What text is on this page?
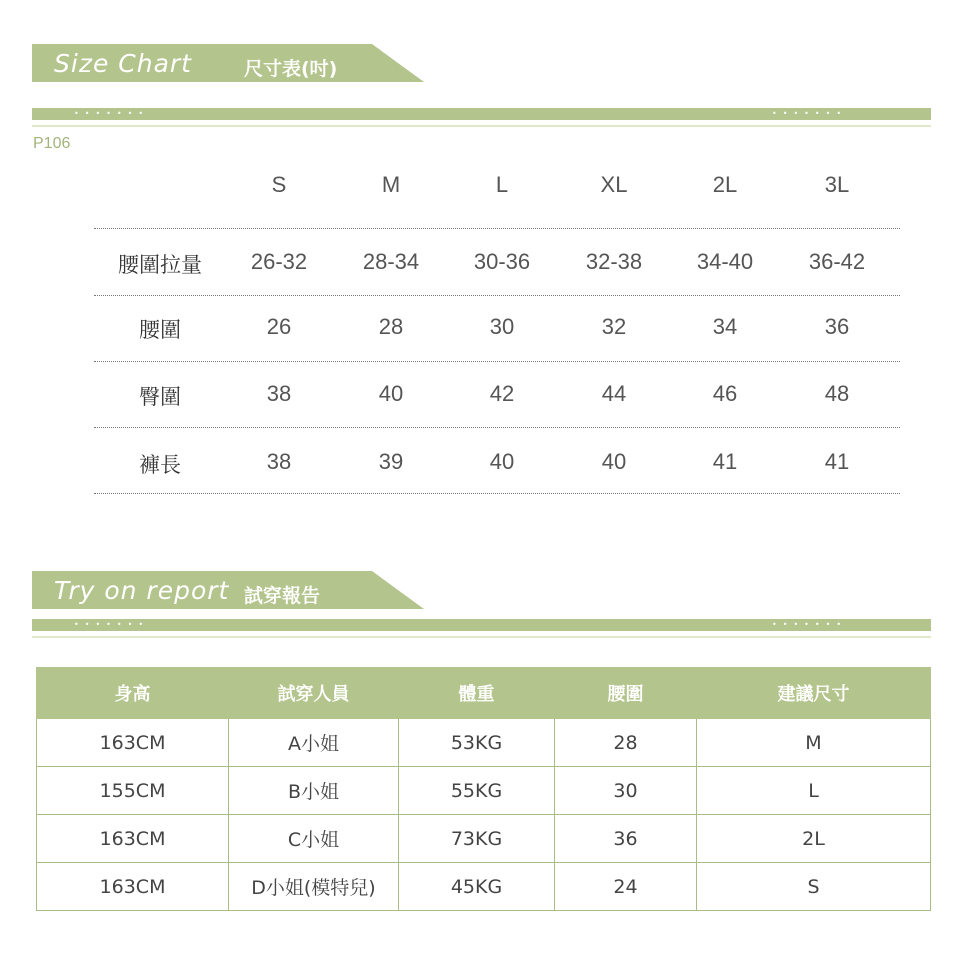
Size Chart	尺寸表(吋)
•••••••	•••••••
P106
S	M	L	XL	2L	3L
腰圍拉量	26-32	28-34	30-36	32-38	34-40	36-42
腰圍	26	28	30	32	34	36
臀圍	38	40	42	44	46	48
褲長	38	39	40	40	41	41
Try on report 試穿報告
•••••••	•••••••
身高	試穿人員	體重	腰圍	建議尺寸
163CM	A小姐	53KG	28	M
155CM	B小姐	55KG	30	L
163CM	C小姐	73KG	36	2L
163CM	D小姐(模特兒)	45KG	24	S
